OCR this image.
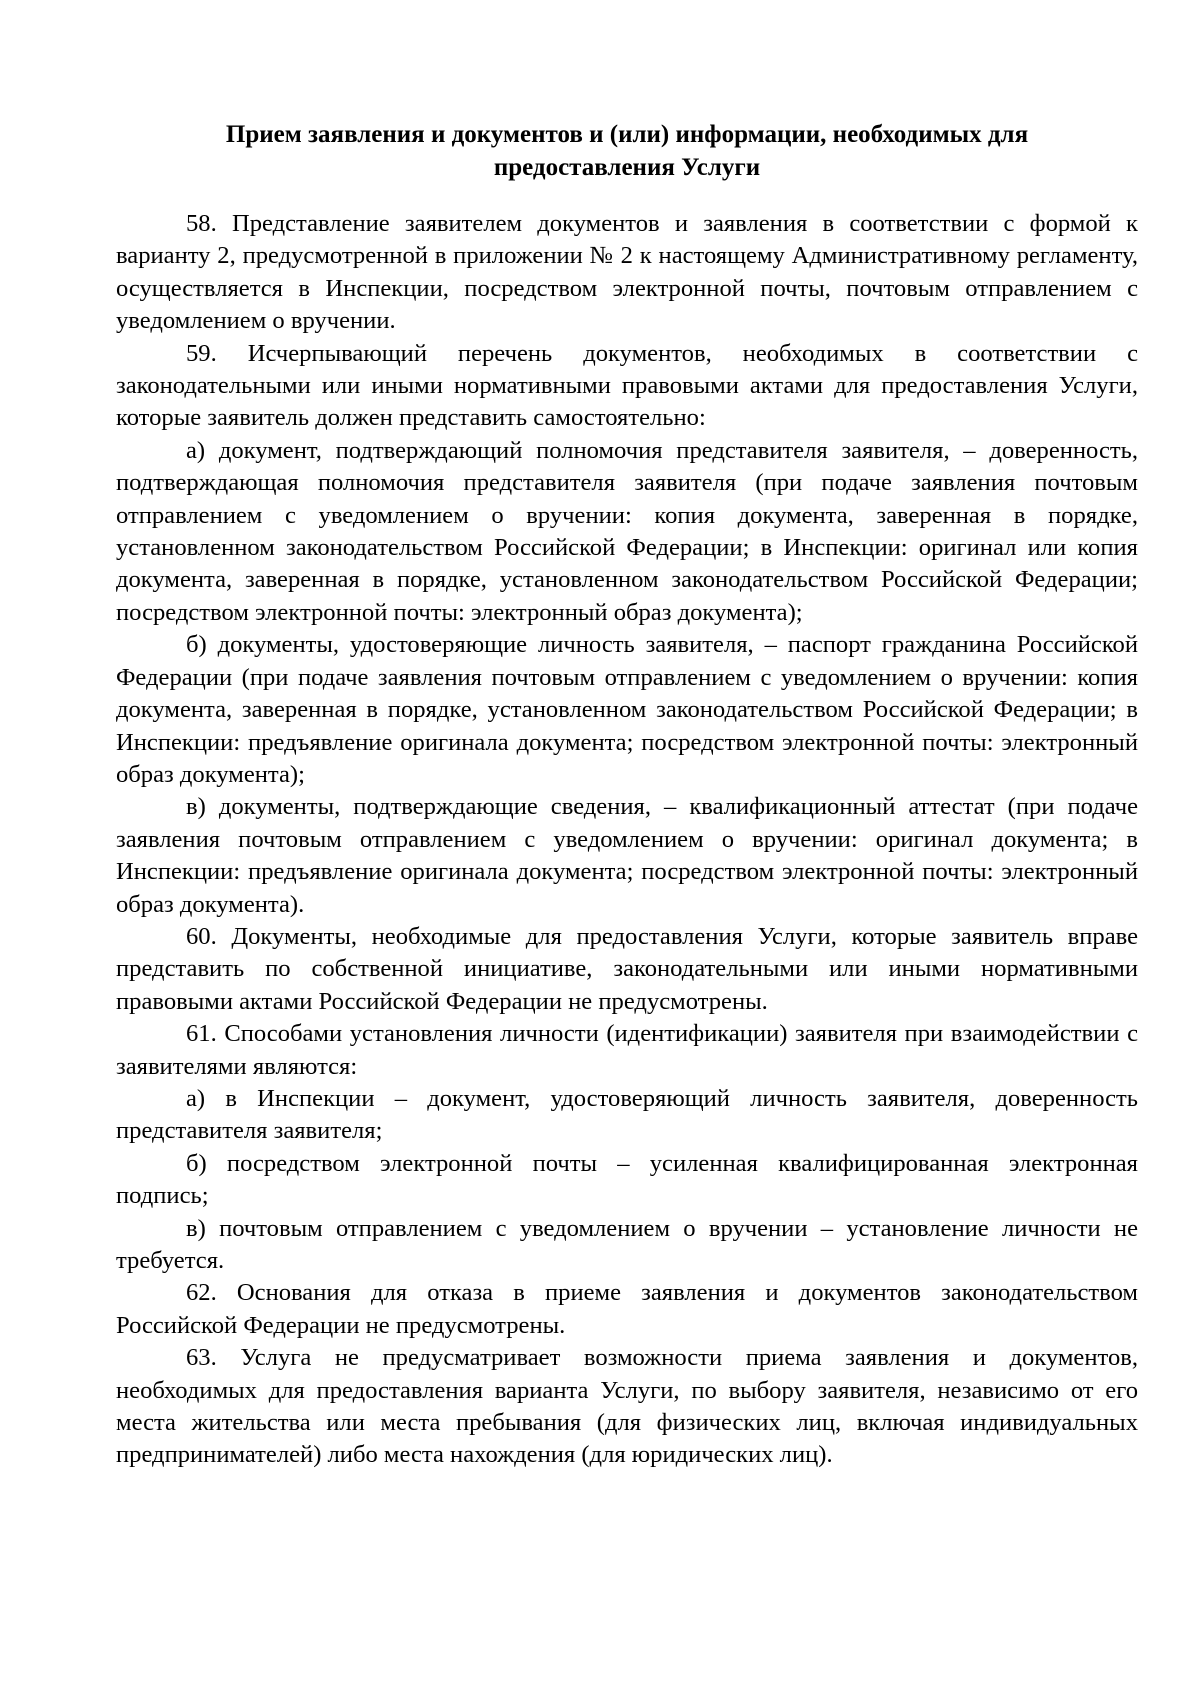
Прием заявления и документов и (или) информации, необходимых для предоставления Услуги

58. Представление заявителем документов и заявления в соответствии с формой к варианту 2, предусмотренной в приложении № 2 к настоящему Административному регламенту, осуществляется в Инспекции, посредством электронной почты, почтовым отправлением с уведомлением о вручении.

59. Исчерпывающий перечень документов, необходимых в соответствии с законодательными или иными нормативными правовыми актами для предоставления Услуги, которые заявитель должен представить самостоятельно:

а) документ, подтверждающий полномочия представителя заявителя, – доверенность, подтверждающая полномочия представителя заявителя (при подаче заявления почтовым отправлением с уведомлением о вручении: копия документа, заверенная в порядке, установленном законодательством Российской Федерации; в Инспекции: оригинал или копия документа, заверенная в порядке, установленном законодательством Российской Федерации; посредством электронной почты: электронный образ документа);

б) документы, удостоверяющие личность заявителя, – паспорт гражданина Российской Федерации (при подаче заявления почтовым отправлением с уведомлением о вручении: копия документа, заверенная в порядке, установленном законодательством Российской Федерации; в Инспекции: предъявление оригинала документа; посредством электронной почты: электронный образ документа);

в) документы, подтверждающие сведения, – квалификационный аттестат (при подаче заявления почтовым отправлением с уведомлением о вручении: оригинал документа; в Инспекции: предъявление оригинала документа; посредством электронной почты: электронный образ документа).

60. Документы, необходимые для предоставления Услуги, которые заявитель вправе представить по собственной инициативе, законодательными или иными нормативными правовыми актами Российской Федерации не предусмотрены.

61. Способами установления личности (идентификации) заявителя при взаимодействии с заявителями являются:

а) в Инспекции – документ, удостоверяющий личность заявителя, доверенность представителя заявителя;

б) посредством электронной почты – усиленная квалифицированная электронная подпись;

в) почтовым отправлением с уведомлением о вручении – установление личности не требуется.

62. Основания для отказа в приеме заявления и документов законодательством Российской Федерации не предусмотрены.

63. Услуга не предусматривает возможности приема заявления и документов, необходимых для предоставления варианта Услуги, по выбору заявителя, независимо от его места жительства или места пребывания (для физических лиц, включая индивидуальных предпринимателей) либо места нахождения (для юридических лиц).
